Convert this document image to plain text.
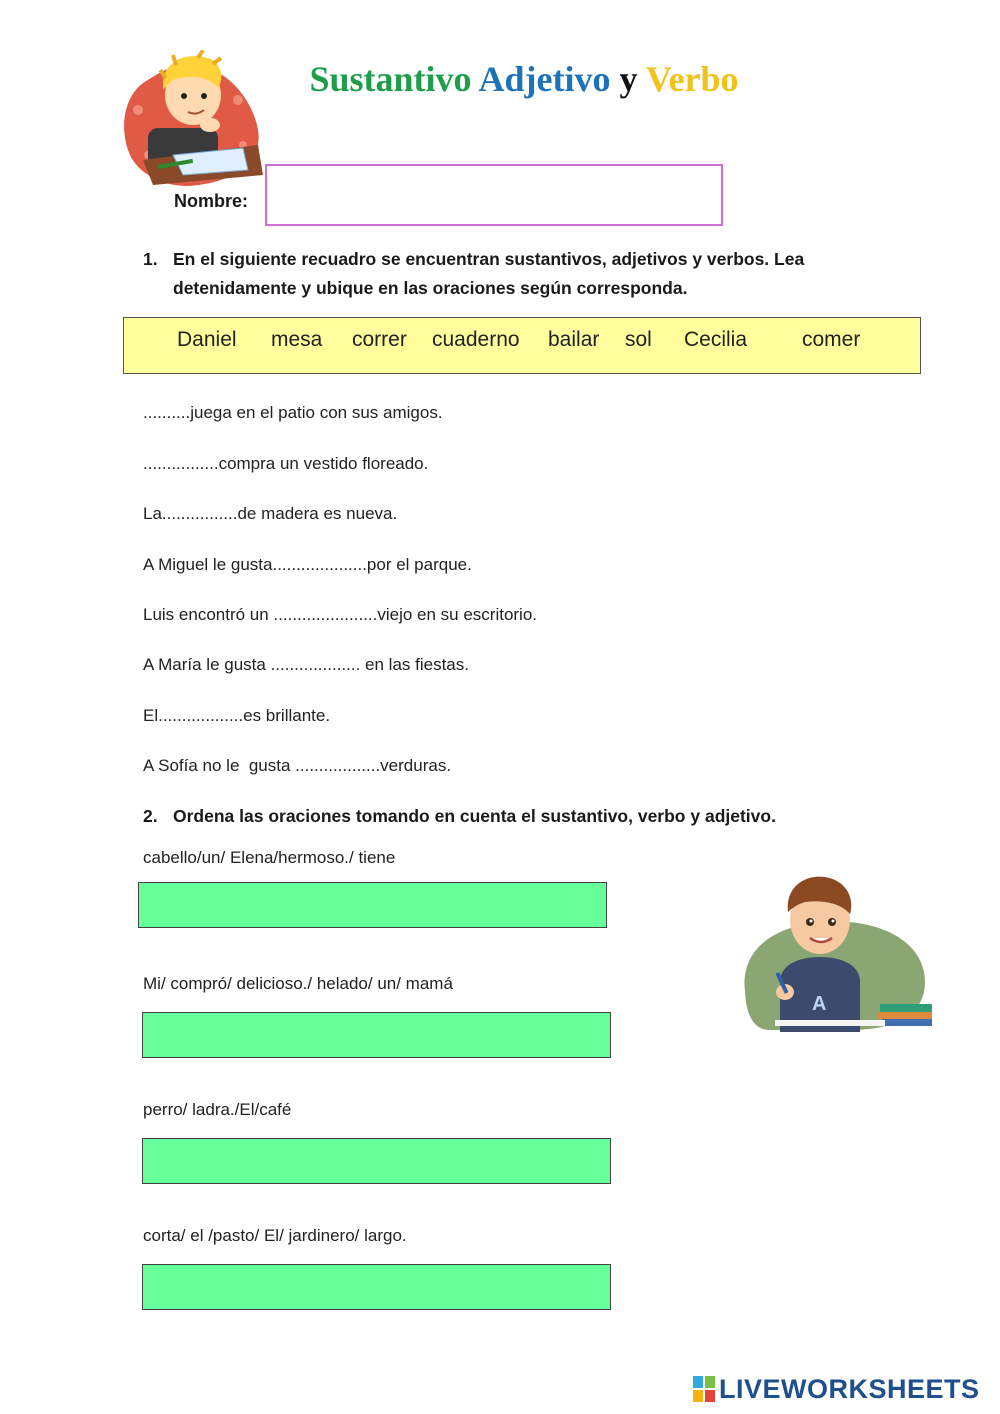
Sustantivo Adjetivo y Verbo
Nombre:
1. En el siguiente recuadro se encuentran sustantivos, adjetivos y verbos. Lea
detenidamente y ubique en las oraciones según corresponda.
Daniel mesa correr cuaderno bailar sol Cecilia	comer
..........juega en el patio con sus amigos.
................compra un vestido floreado.
La................de madera es nueva.
A Miguel le gusta....................por el parque.
Luis encontró un ......................viejo en su escritorio.
A María le gusta ................... en las fiestas.
El..................es brillante.
A Sofía no le  gusta ..................verduras.
2. Ordena las oraciones tomando en cuenta el sustantivo, verbo y adjetivo.
cabello/un/ Elena/hermoso./ tiene
Mi/ compró/ delicioso./ helado/ un/ mamá
perro/ ladra./El/café
corta/ el /pasto/ El/ jardinero/ largo.
A
LIVEWORKSHEETS
